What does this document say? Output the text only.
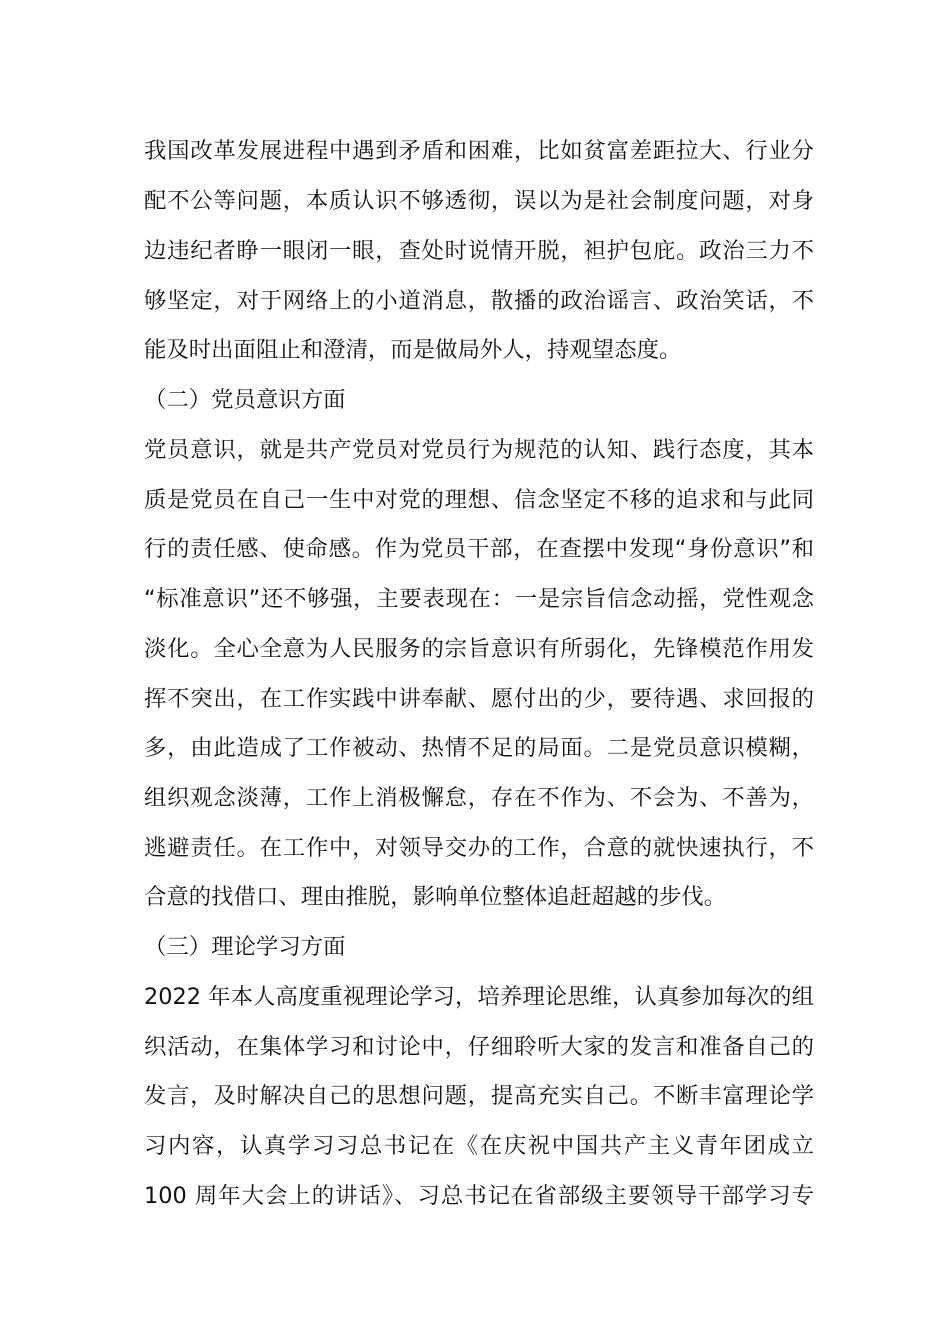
我国改革发展进程中遇到矛盾和困难，比如贫富差距拉大、行业分
配不公等问题，本质认识不够透彻，误以为是社会制度问题，对身
边违纪者睁一眼闭一眼，查处时说情开脱，袒护包庇。政治三力不
够坚定，对于网络上的小道消息，散播的政治谣言、政治笑话，不
能及时出面阻止和澄清，而是做局外人，持观望态度。
（二）党员意识方面
党员意识，就是共产党员对党员行为规范的认知、践行态度，其本
质是党员在自己一生中对党的理想、信念坚定不移的追求和与此同
行的责任感、使命感。作为党员干部，在查摆中发现“身份意识”和
“标准意识”还不够强，主要表现在：一是宗旨信念动摇，党性观念
淡化。全心全意为人民服务的宗旨意识有所弱化，先锋模范作用发
挥不突出，在工作实践中讲奉献、愿付出的少，要待遇、求回报的
多，由此造成了工作被动、热情不足的局面。二是党员意识模糊，
组织观念淡薄，工作上消极懈怠，存在不作为、不会为、不善为，
逃避责任。在工作中，对领导交办的工作，合意的就快速执行，不
合意的找借口、理由推脱，影响单位整体追赶超越的步伐。
（三）理论学习方面
2022 年本人高度重视理论学习，培养理论思维，认真参加每次的组
织活动，在集体学习和讨论中，仔细聆听大家的发言和准备自己的
发言，及时解决自己的思想问题，提高充实自己。不断丰富理论学
习内容，认真学习习总书记在《在庆祝中国共产主义青年团成立
100 周年大会上的讲话》、习总书记在省部级主要领导干部学习专
